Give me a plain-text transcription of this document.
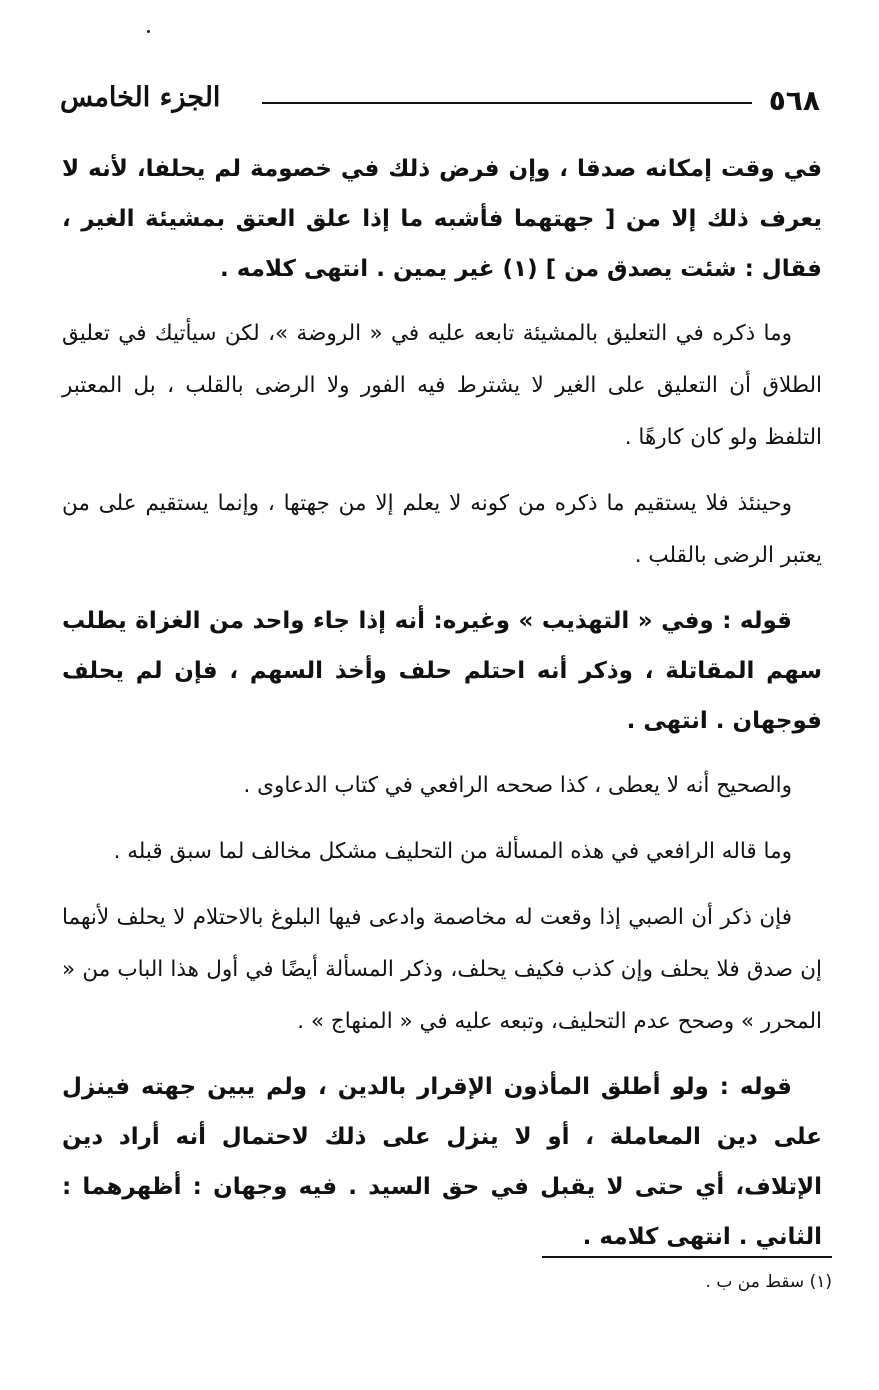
٥٦٨
الجزء الخامس

في وقت إمكانه صدقا ، وإن فرض ذلك في خصومة لم يحلفا، لأنه لا يعرف ذلك إلا من [ جهتهما فأشبه ما إذا علق العتق بمشيئة الغير ، فقال : شئت يصدق من ] (١) غير يمين . انتهى كلامه .

وما ذكره في التعليق بالمشيئة تابعه عليه في « الروضة »، لكن سيأتيك في تعليق الطلاق أن التعليق على الغير لا يشترط فيه الفور ولا الرضى بالقلب ، بل المعتبر التلفظ ولو كان كارهًا .

وحينئذ فلا يستقيم ما ذكره من كونه لا يعلم إلا من جهتها ، وإنما يستقيم على من يعتبر الرضى بالقلب .

قوله : وفي « التهذيب » وغيره: أنه إذا جاء واحد من الغزاة يطلب سهم المقاتلة ، وذكر أنه احتلم حلف وأخذ السهم ، فإن لم يحلف فوجهان . انتهى .

والصحيح أنه لا يعطى ، كذا صححه الرافعي في كتاب الدعاوى .

وما قاله الرافعي في هذه المسألة من التحليف مشكل مخالف لما سبق قبله .

فإن ذكر أن الصبي إذا وقعت له مخاصمة وادعى فيها البلوغ بالاحتلام لا يحلف لأنهما إن صدق فلا يحلف وإن كذب فكيف يحلف، وذكر المسألة أيضًا في أول هذا الباب من « المحرر » وصحح عدم التحليف، وتبعه عليه في « المنهاج » .

قوله : ولو أطلق المأذون الإقرار بالدين ، ولم يبين جهته فينزل على دين المعاملة ، أو لا ينزل على ذلك لاحتمال أنه أراد دين الإتلاف، أي حتى لا يقبل في حق السيد . فيه وجهان : أظهرهما : الثاني . انتهى كلامه .

(١) سقط من ب .
